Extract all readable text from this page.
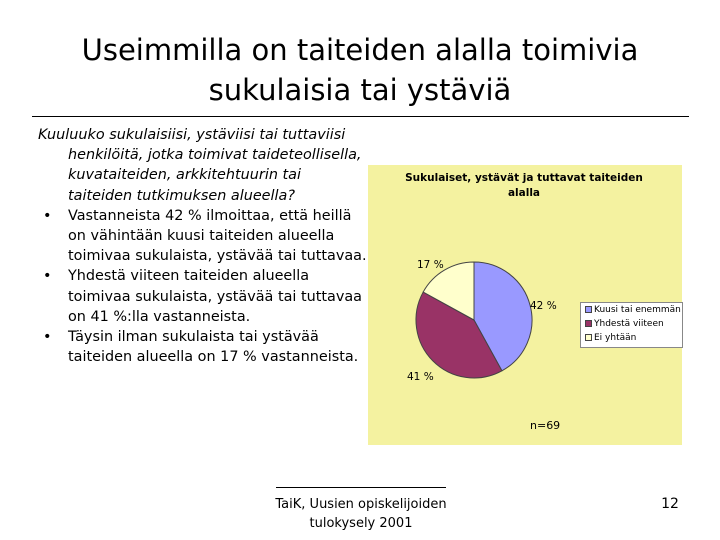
Useimmilla on taiteiden alalla toimivia
sukulaisia tai ystäviä
Kuuluuko sukulaisiisi, ystäviisi tai tuttaviisi henkilöitä, jotka toimivat taideteollisella, kuvataiteiden, arkkitehtuurin tai taiteiden tutkimuksen alueella?
• Vastanneista 42 % ilmoittaa, että heillä on vähintään kuusi taiteiden alueella toimivaa sukulaista, ystävää tai tuttavaa.
• Yhdestä viiteen taiteiden alueella toimivaa sukulaista, ystävää tai tuttavaa on 41 %:lla vastanneista.
• Täysin ilman sukulaista tai ystävää taiteiden alueella on 17 % vastanneista.
Sukulaiset, ystävät ja tuttavat taiteiden alalla
42 %
41 %
17 %
Kuusi tai enemmän
Yhdestä viiteen
Ei yhtään
n=69
TaiK, Uusien opiskelijoiden
tulokysely 2001
12
